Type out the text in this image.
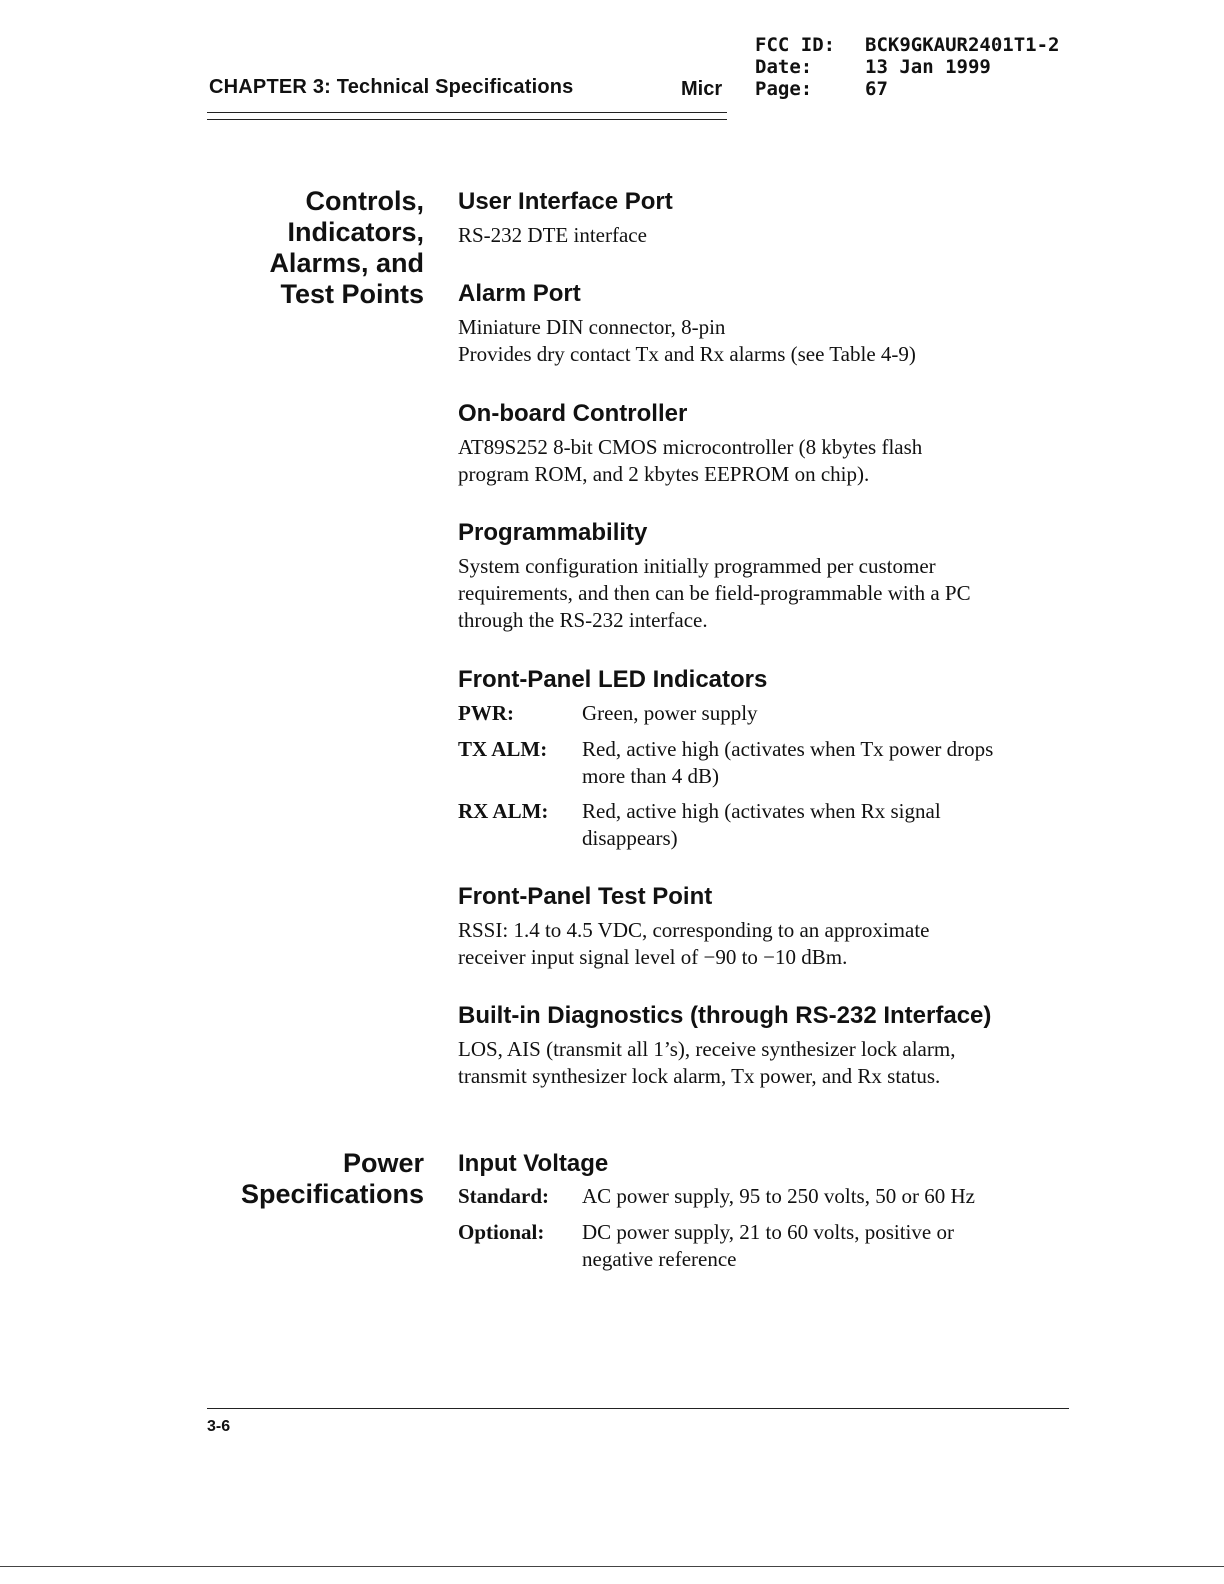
CHAPTER 3: Technical Specifications	Micr
FCC ID:	BCK9GKAUR2401T1-2
Date:	13 Jan 1999
Page:	67
Controls,
Indicators,
Alarms, and
Test Points
Power
Specifications
User Interface Port
RS-232 DTE interface
Alarm Port
Miniature DIN connector, 8-pin
Provides dry contact Tx and Rx alarms (see Table 4-9)
On-board Controller
AT89S252 8-bit CMOS microcontroller (8 kbytes flash
program ROM, and 2 kbytes EEPROM on chip).
Programmability
System configuration initially programmed per customer
requirements, and then can be field-programmable with a PC
through the RS-232 interface.
Front-Panel LED Indicators
PWR:	Green, power supply
TX ALM: Red, active high (activates when Tx power drops
more than 4 dB)
RX ALM: Red, active high (activates when Rx signal
disappears)
Front-Panel Test Point
RSSI: 1.4 to 4.5 VDC, corresponding to an approximate
receiver input signal level of −90 to −10 dBm.
Built-in Diagnostics (through RS-232 Interface)
LOS, AIS (transmit all 1’s), receive synthesizer lock alarm,
transmit synthesizer lock alarm, Tx power, and Rx status.
Input Voltage
Standard: AC power supply, 95 to 250 volts, 50 or 60 Hz
Optional: DC power supply, 21 to 60 volts, positive or
negative reference
3-6
